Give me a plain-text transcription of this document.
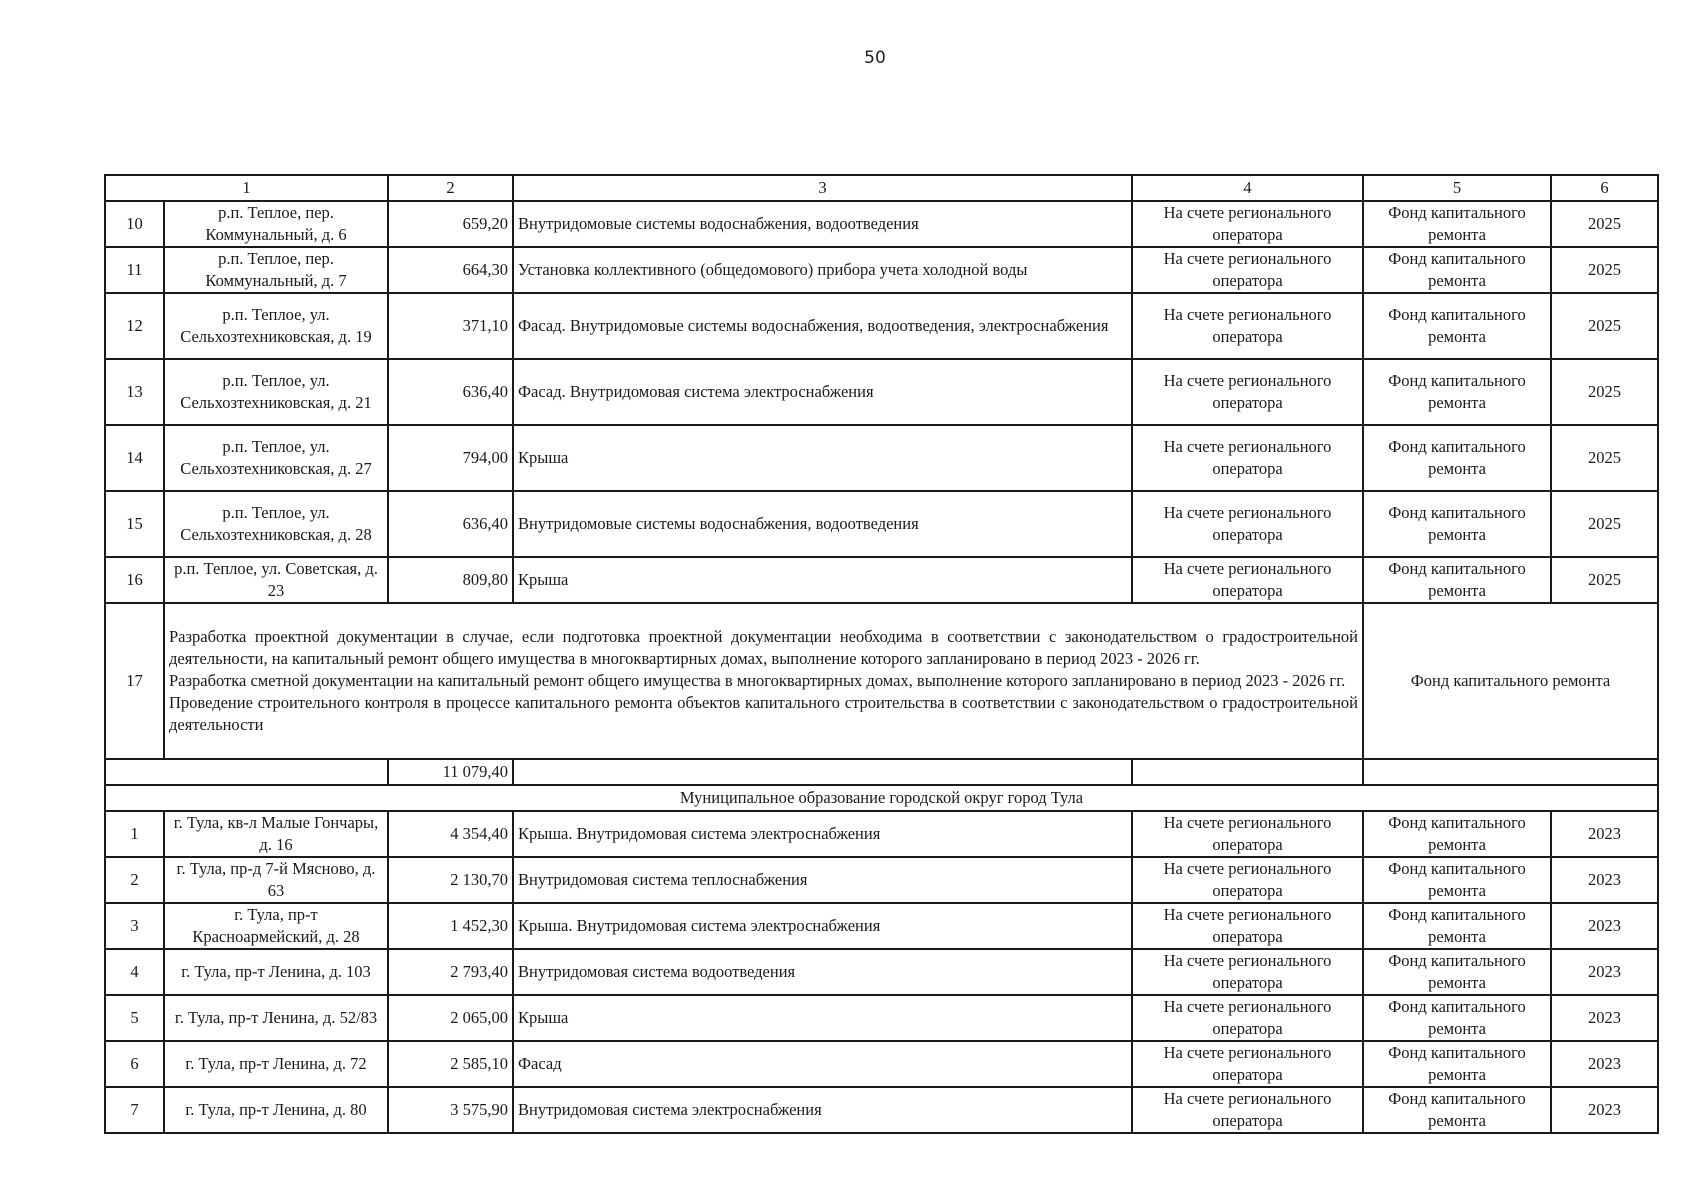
50
1		2	3	4	5	6
10	р.п. Теплое, пер. Коммунальный, д. 6	659,20	Внутридомовые системы водоснабжения, водоотведения	На счете регионального оператора	Фонд капитального ремонта	2025
11	р.п. Теплое, пер. Коммунальный, д. 7	664,30	Установка коллективного (общедомового) прибора учета холодной воды	На счете регионального оператора	Фонд капитального ремонта	2025
12	р.п. Теплое, ул. Сельхозтехниковская, д. 19	371,10	Фасад. Внутридомовые системы водоснабжения, водоотведения, электроснабжения	На счете регионального оператора	Фонд капитального ремонта	2025
13	р.п. Теплое, ул. Сельхозтехниковская, д. 21	636,40	Фасад. Внутридомовая система электроснабжения	На счете регионального оператора	Фонд капитального ремонта	2025
14	р.п. Теплое, ул. Сельхозтехниковская, д. 27	794,00	Крыша	На счете регионального оператора	Фонд капитального ремонта	2025
15	р.п. Теплое, ул. Сельхозтехниковская, д. 28	636,40	Внутридомовые системы водоснабжения, водоотведения	На счете регионального оператора	Фонд капитального ремонта	2025
16	р.п. Теплое, ул. Советская, д. 23	809,80	Крыша	На счете регионального оператора	Фонд капитального ремонта	2025
17	Разработка проектной документации в случае, если подготовка проектной документации необходима в соответствии с законодательством о градостроительной деятельности, на капитальный ремонт общего имущества в многоквартирных домах, выполнение которого запланировано в период 2023 - 2026 гг.

Разработка сметной документации на капитальный ремонт общего имущества в многоквартирных домах, выполнение которого запланировано в период 2023 - 2026 гг.

Проведение строительного контроля в процессе капитального ремонта объектов капитального строительства в соответствии с законодательством о градостроительной деятельности				Фонд капитального ремонта	
		11 079,40				
Муниципальное образование городской округ город Тула						
1	г. Тула, кв-л Малые Гончары, д. 16	4 354,40	Крыша. Внутридомовая система электроснабжения	На счете регионального оператора	Фонд капитального ремонта	2023
2	г. Тула, пр-д 7-й Мясново, д. 63	2 130,70	Внутридомовая система теплоснабжения	На счете регионального оператора	Фонд капитального ремонта	2023
3	г. Тула, пр-т Красноармейский, д. 28	1 452,30	Крыша. Внутридомовая система электроснабжения	На счете регионального оператора	Фонд капитального ремонта	2023
4	г. Тула, пр-т Ленина, д. 103	2 793,40	Внутридомовая система водоотведения	На счете регионального оператора	Фонд капитального ремонта	2023
5	г. Тула, пр-т Ленина, д. 52/83	2 065,00	Крыша	На счете регионального оператора	Фонд капитального ремонта	2023
6	г. Тула, пр-т Ленина, д. 72	2 585,10	Фасад	На счете регионального оператора	Фонд капитального ремонта	2023
7	г. Тула, пр-т Ленина, д. 80	3 575,90	Внутридомовая система электроснабжения	На счете регионального оператора	Фонд капитального ремонта	2023
